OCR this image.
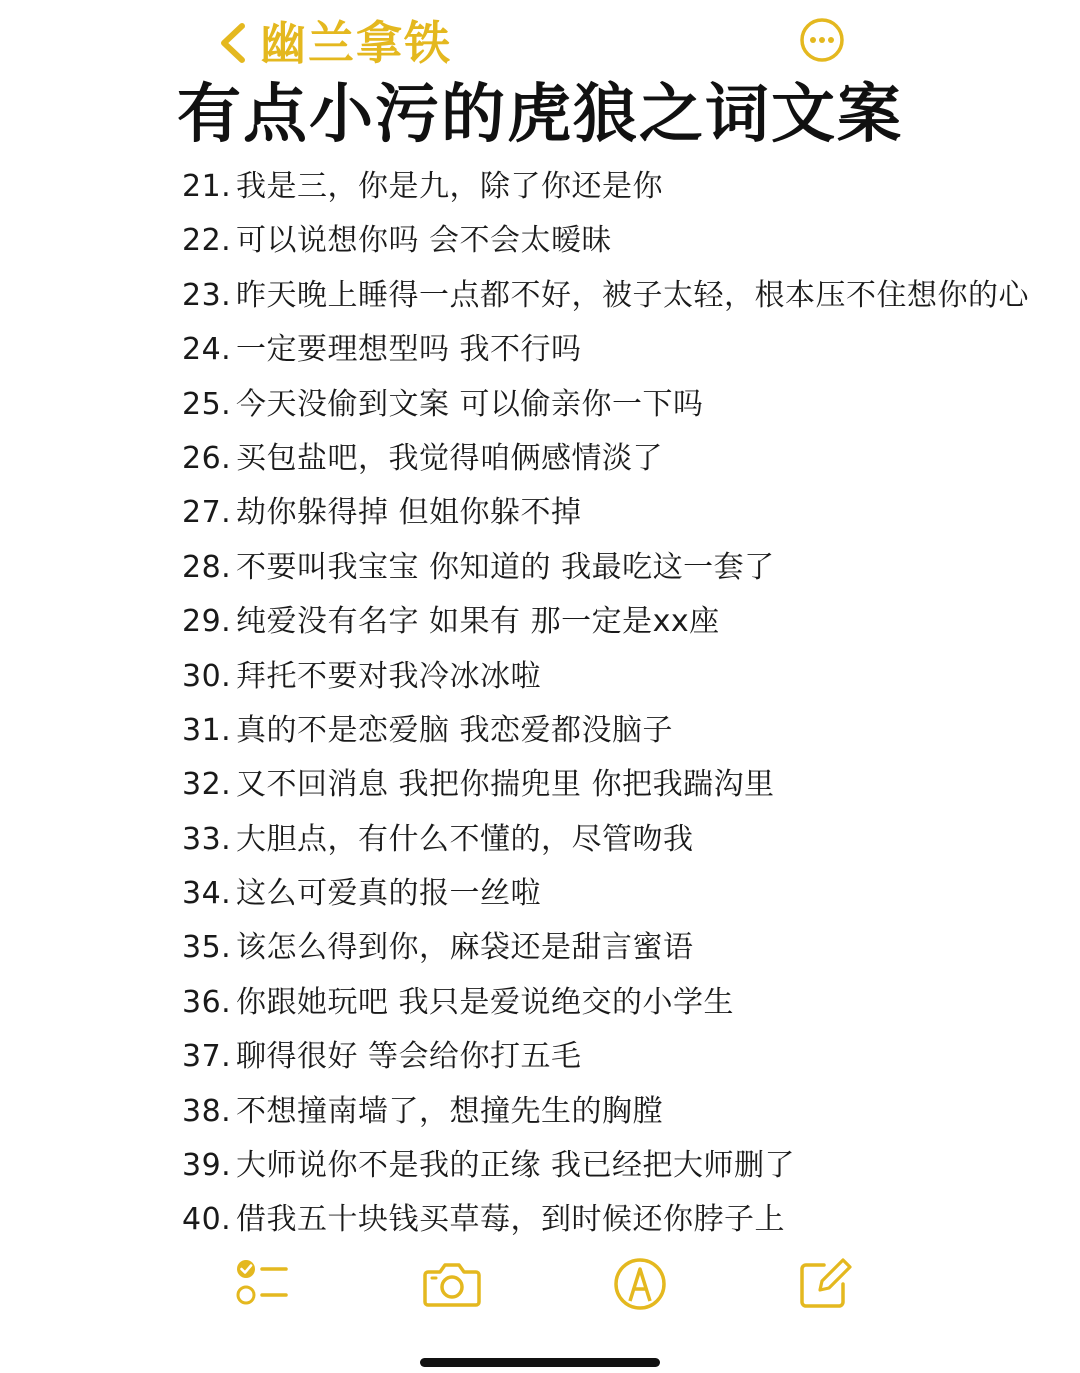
幽兰拿铁
有点小污的虎狼之词文案
21. 我是三，你是九，除了你还是你
22. 可以说想你吗 会不会太暧昧
23. 昨天晚上睡得一点都不好，被子太轻，根本压不住想你的心
24. 一定要理想型吗 我不行吗
25. 今天没偷到文案 可以偷亲你一下吗
26. 买包盐吧，我觉得咱俩感情淡了
27. 劫你躲得掉 但姐你躲不掉
28. 不要叫我宝宝 你知道的 我最吃这一套了
29. 纯爱没有名字 如果有 那一定是xx座
30. 拜托不要对我冷冰冰啦
31. 真的不是恋爱脑 我恋爱都没脑子
32. 又不回消息 我把你揣兜里 你把我踹沟里
33. 大胆点，有什么不懂的，尽管吻我
34. 这么可爱真的报一丝啦
35. 该怎么得到你，麻袋还是甜言蜜语
36. 你跟她玩吧 我只是爱说绝交的小学生
37. 聊得很好 等会给你打五毛
38. 不想撞南墙了，想撞先生的胸膛
39. 大师说你不是我的正缘 我已经把大师删了
40. 借我五十块钱买草莓，到时候还你脖子上
